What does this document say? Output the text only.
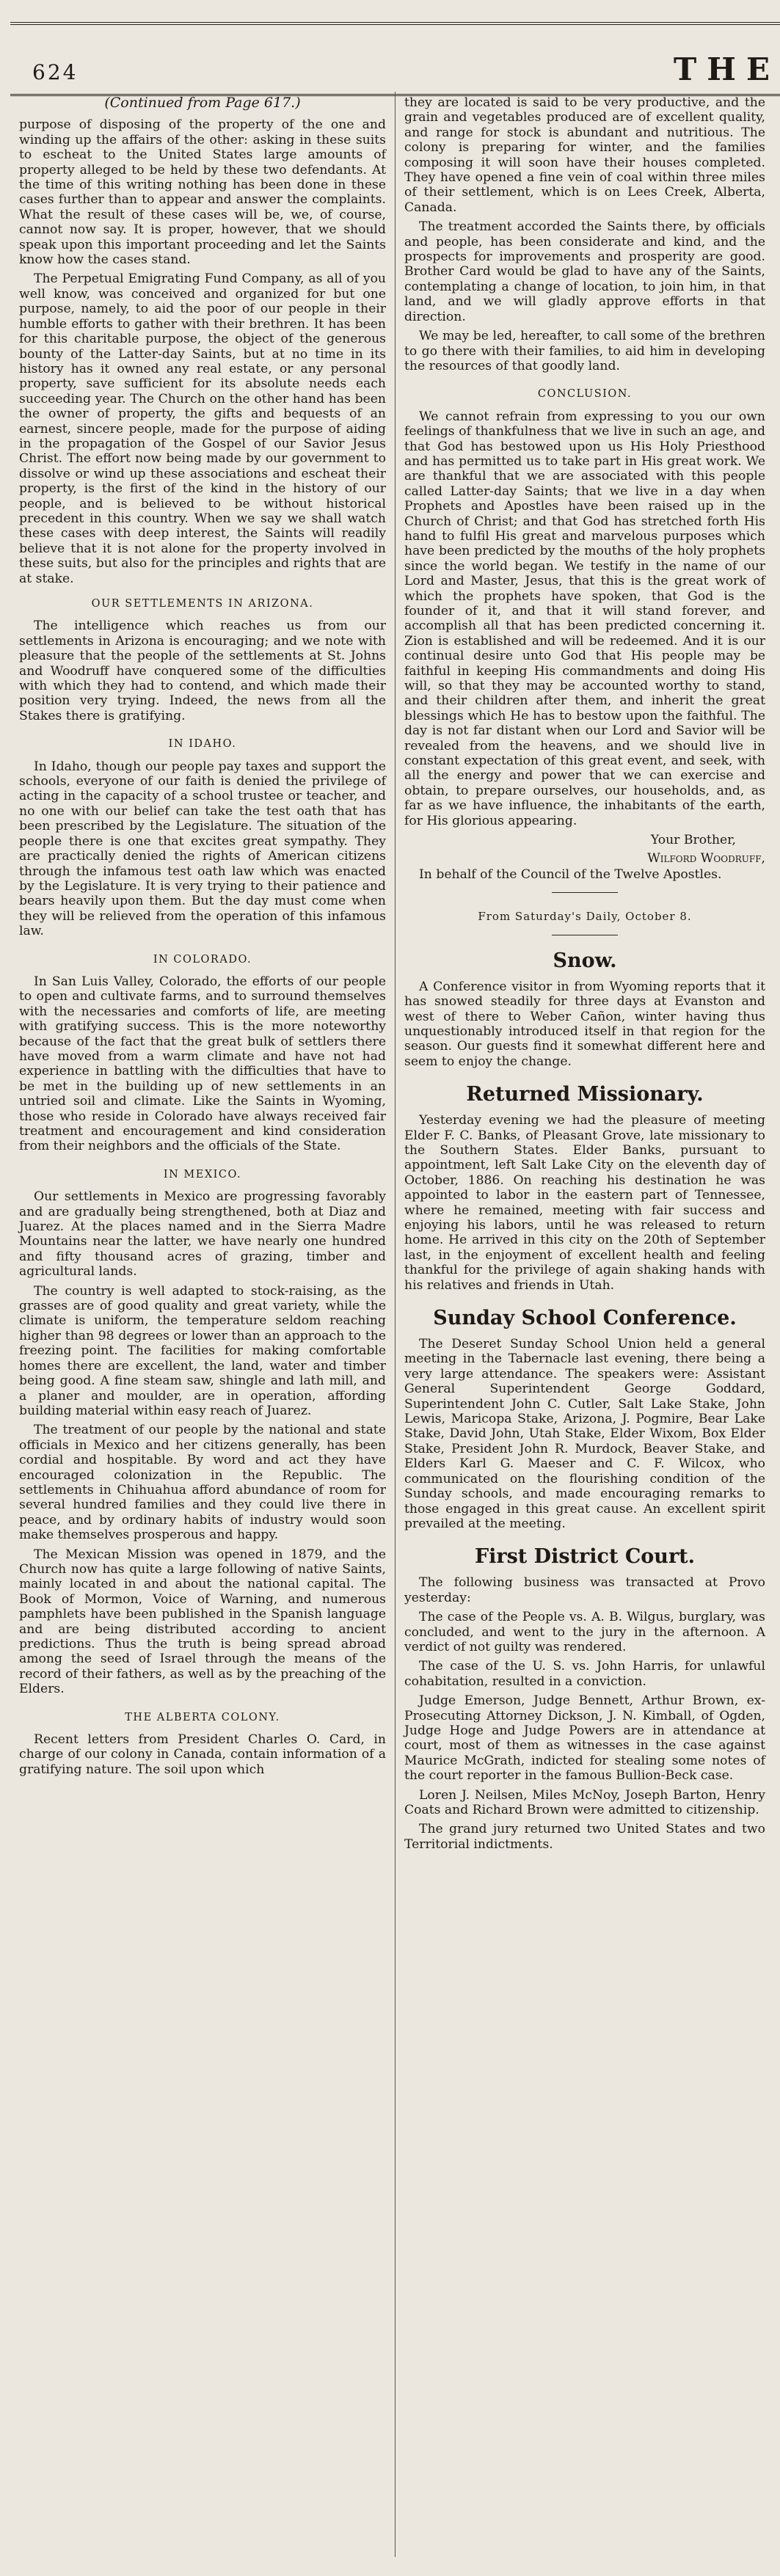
624	THE

(Continued from Page 617.)

purpose of disposing of the property of the one and winding up the affairs of the other: asking in these suits to escheat to the United States large amounts of property alleged to be held by these two defendants. At the time of this writing nothing has been done in these cases further than to appear and answer the complaints. What the result of these cases will be, we, of course, cannot now say. It is proper, however, that we should speak upon this important proceeding and let the Saints know how the cases stand.

The Perpetual Emigrating Fund Company, as all of you well know, was conceived and organized for but one purpose, namely, to aid the poor of our people in their humble efforts to gather with their brethren. It has been for this charitable purpose, the object of the generous bounty of the Latter-day Saints, but at no time in its history has it owned any real estate, or any personal property, save sufficient for its absolute needs each succeeding year. The Church on the other hand has been the owner of property, the gifts and bequests of an earnest, sincere people, made for the purpose of aiding in the propagation of the Gospel of our Savior Jesus Christ. The effort now being made by our government to dissolve or wind up these associations and escheat their property, is the first of the kind in the history of our people, and is believed to be without historical precedent in this country. When we say we shall watch these cases with deep interest, the Saints will readily believe that it is not alone for the property involved in these suits, but also for the principles and rights that are at stake.

OUR SETTLEMENTS IN ARIZONA.

The intelligence which reaches us from our settlements in Arizona is encouraging; and we note with pleasure that the people of the settlements at St. Johns and Woodruff have conquered some of the difficulties with which they had to contend, and which made their position very trying. Indeed, the news from all the Stakes there is gratifying.

IN IDAHO.

In Idaho, though our people pay taxes and support the schools, everyone of our faith is denied the privilege of acting in the capacity of a school trustee or teacher, and no one with our belief can take the test oath that has been prescribed by the Legislature. The situation of the people there is one that excites great sympathy. They are practically denied the rights of American citizens through the infamous test oath law which was enacted by the Legislature. It is very trying to their patience and bears heavily upon them. But the day must come when they will be relieved from the operation of this infamous law.

IN COLORADO.

In San Luis Valley, Colorado, the efforts of our people to open and cultivate farms, and to surround themselves with the necessaries and comforts of life, are meeting with gratifying success. This is the more noteworthy because of the fact that the great bulk of settlers there have moved from a warm climate and have not had experience in battling with the difficulties that have to be met in the building up of new settlements in an untried soil and climate. Like the Saints in Wyoming, those who reside in Colorado have always received fair treatment and encouragement and kind consideration from their neighbors and the officials of the State.

IN MEXICO.

Our settlements in Mexico are progressing favorably and are gradually being strengthened, both at Diaz and Juarez. At the places named and in the Sierra Madre Mountains near the latter, we have nearly one hundred and fifty thousand acres of grazing, timber and agricultural lands.

The country is well adapted to stock-raising, as the grasses are of good quality and great variety, while the climate is uniform, the temperature seldom reaching higher than 98 degrees or lower than an approach to the freezing point. The facilities for making comfortable homes there are excellent, the land, water and timber being good. A fine steam saw, shingle and lath mill, and a planer and moulder, are in operation, affording building material within easy reach of Juarez.

The treatment of our people by the national and state officials in Mexico and her citizens generally, has been cordial and hospitable. By word and act they have encouraged colonization in the Republic. The settlements in Chihuahua afford abundance of room for several hundred families and they could live there in peace, and by ordinary habits of industry would soon make themselves prosperous and happy.

The Mexican Mission was opened in 1879, and the Church now has quite a large following of native Saints, mainly located in and about the national capital. The Book of Mormon, Voice of Warning, and numerous pamphlets have been published in the Spanish language and are being distributed according to ancient predictions. Thus the truth is being spread abroad among the seed of Israel through the means of the record of their fathers, as well as by the preaching of the Elders.

THE ALBERTA COLONY.

Recent letters from President Charles O. Card, in charge of our colony in Canada, contain information of a gratifying nature. The soil upon which

they are located is said to be very productive, and the grain and vegetables produced are of excellent quality, and range for stock is abundant and nutritious. The colony is preparing for winter, and the families composing it will soon have their houses completed. They have opened a fine vein of coal within three miles of their settlement, which is on Lees Creek, Alberta, Canada.

The treatment accorded the Saints there, by officials and people, has been considerate and kind, and the prospects for improvements and prosperity are good. Brother Card would be glad to have any of the Saints, contemplating a change of location, to join him, in that land, and we will gladly approve efforts in that direction.

We may be led, hereafter, to call some of the brethren to go there with their families, to aid him in developing the resources of that goodly land.

CONCLUSION.

We cannot refrain from expressing to you our own feelings of thankfulness that we live in such an age, and that God has bestowed upon us His Holy Priesthood and has permitted us to take part in His great work. We are thankful that we are associated with this people called Latter-day Saints; that we live in a day when Prophets and Apostles have been raised up in the Church of Christ; and that God has stretched forth His hand to fulfil His great and marvelous purposes which have been predicted by the mouths of the holy prophets since the world began. We testify in the name of our Lord and Master, Jesus, that this is the great work of which the prophets have spoken, that God is the founder of it, and that it will stand forever, and accomplish all that has been predicted concerning it. Zion is established and will be redeemed. And it is our continual desire unto God that His people may be faithful in keeping His commandments and doing His will, so that they may be accounted worthy to stand, and their children after them, and inherit the great blessings which He has to bestow upon the faithful. The day is not far distant when our Lord and Savior will be revealed from the heavens, and we should live in constant expectation of this great event, and seek, with all the energy and power that we can exercise and obtain, to prepare ourselves, our households, and, as far as we have influence, the inhabitants of the earth, for His glorious appearing.

Your Brother,

Wilford Woodruff,

In behalf of the Council of the Twelve Apostles.

From Saturday's Daily, October 8.
Snow.

A Conference visitor in from Wyoming reports that it has snowed steadily for three days at Evanston and west of there to Weber Cañon, winter having thus unquestionably introduced itself in that region for the season. Our guests find it somewhat different here and seem to enjoy the change.

Returned Missionary.

Yesterday evening we had the pleasure of meeting Elder F. C. Banks, of Pleasant Grove, late missionary to the Southern States. Elder Banks, pursuant to appointment, left Salt Lake City on the eleventh day of October, 1886. On reaching his destination he was appointed to labor in the eastern part of Tennessee, where he remained, meeting with fair success and enjoying his labors, until he was released to return home. He arrived in this city on the 20th of September last, in the enjoyment of excellent health and feeling thankful for the privilege of again shaking hands with his relatives and friends in Utah.

Sunday School Conference.

The Deseret Sunday School Union held a general meeting in the Tabernacle last evening, there being a very large attendance. The speakers were: Assistant General Superintendent George Goddard, Superintendent John C. Cutler, Salt Lake Stake, John Lewis, Maricopa Stake, Arizona, J. Pogmire, Bear Lake Stake, David John, Utah Stake, Elder Wixom, Box Elder Stake, President John R. Murdock, Beaver Stake, and Elders Karl G. Maeser and C. F. Wilcox, who communicated on the flourishing condition of the Sunday schools, and made encouraging remarks to those engaged in this great cause. An excellent spirit prevailed at the meeting.

First District Court.

The following business was transacted at Provo yesterday:

The case of the People vs. A. B. Wilgus, burglary, was concluded, and went to the jury in the afternoon. A verdict of not guilty was rendered.

The case of the U. S. vs. John Harris, for unlawful cohabitation, resulted in a conviction.

Judge Emerson, Judge Bennett, Arthur Brown, ex-Prosecuting Attorney Dickson, J. N. Kimball, of Ogden, Judge Hoge and Judge Powers are in attendance at court, most of them as witnesses in the case against Maurice McGrath, indicted for stealing some notes of the court reporter in the famous Bullion-Beck case.

Loren J. Neilsen, Miles McNoy, Joseph Barton, Henry Coats and Richard Brown were admitted to citizenship.

The grand jury returned two United States and two Territorial indictments.
